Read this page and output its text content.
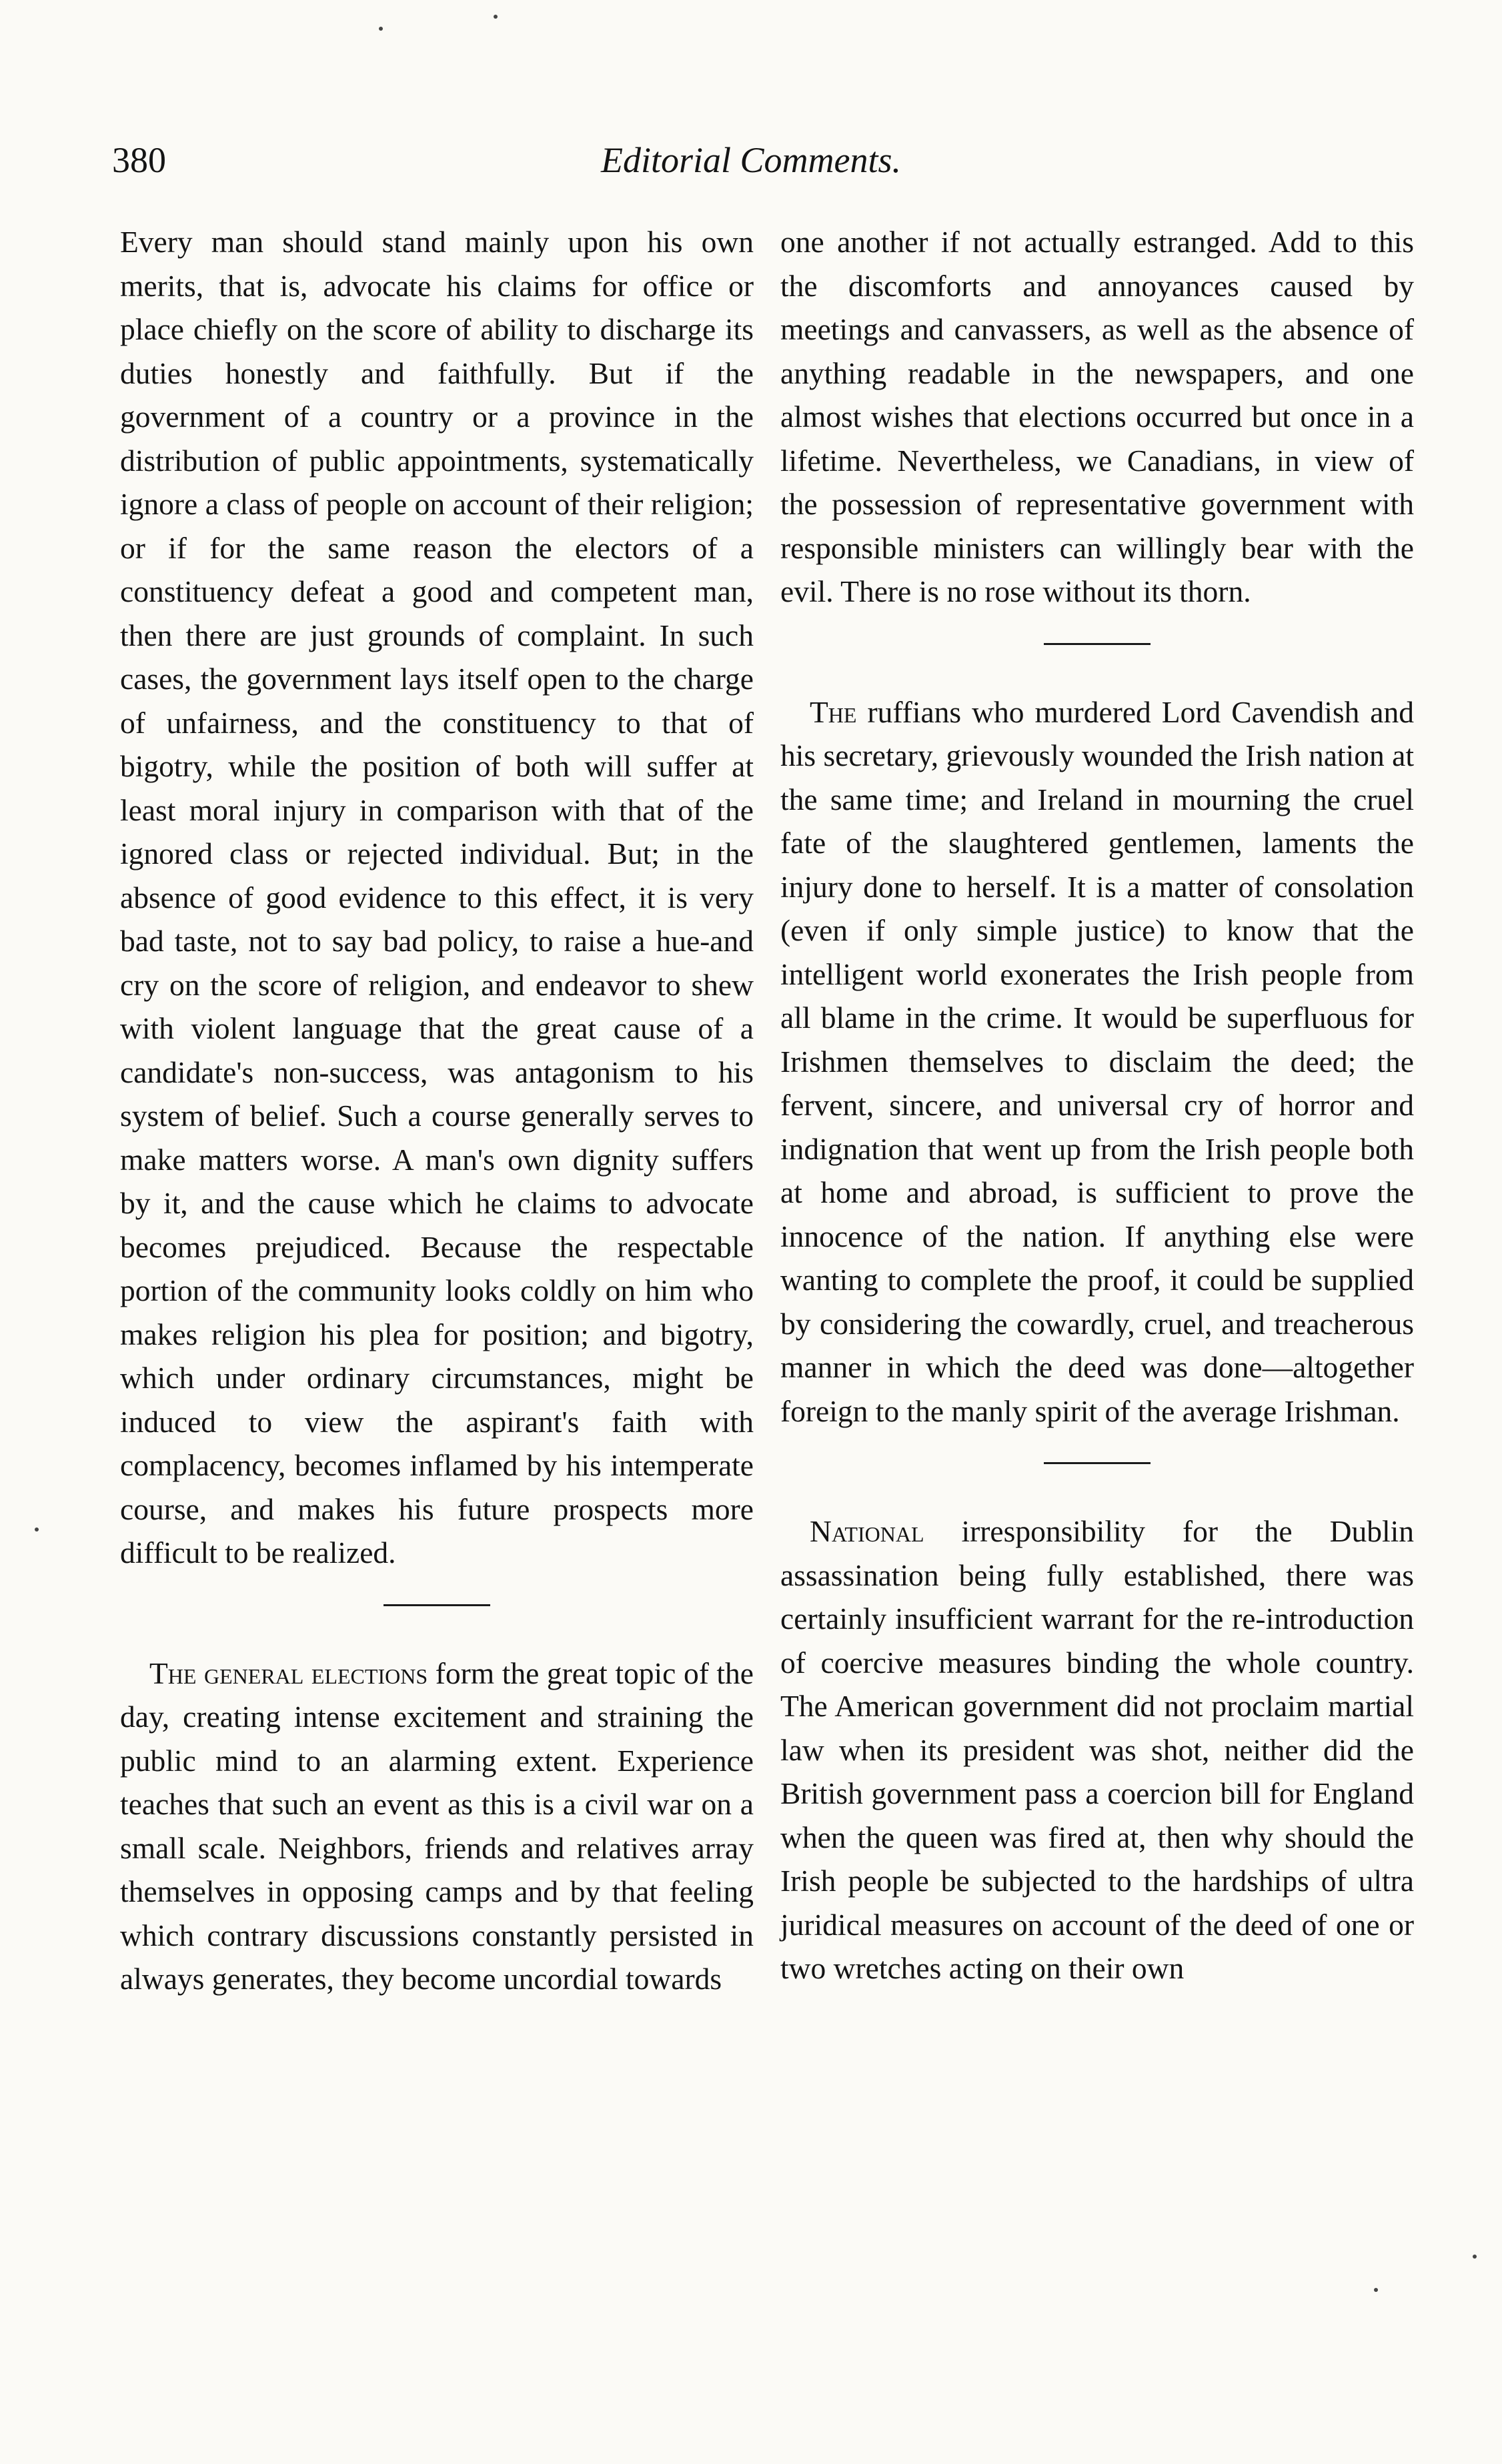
380	Editorial Comments.

Every man should stand mainly upon his own merits, that is, advocate his claims for office or place chiefly on the score of ability to discharge its duties honestly and faithfully. But if the government of a country or a province in the distribution of public appointments, systematically ignore a class of people on account of their religion; or if for the same reason the electors of a constituency defeat a good and competent man, then there are just grounds of complaint. In such cases, the government lays itself open to the charge of unfairness, and the constituency to that of bigotry, while the position of both will suffer at least moral injury in comparison with that of the ignored class or rejected individual. But; in the absence of good evidence to this effect, it is very bad taste, not to say bad policy, to raise a hue-and cry on the score of religion, and endeavor to shew with violent language that the great cause of a candidate's non-success, was antagonism to his system of belief. Such a course generally serves to make matters worse. A man's own dignity suffers by it, and the cause which he claims to advocate becomes prejudiced. Because the respectable portion of the community looks coldly on him who makes religion his plea for position; and bigotry, which under ordinary circumstances, might be induced to view the aspirant's faith with complacency, becomes inflamed by his intemperate course, and makes his future prospects more difficult to be realized.

The general elections form the great topic of the day, creating intense excitement and straining the public mind to an alarming extent. Experience teaches that such an event as this is a civil war on a small scale. Neighbors, friends and relatives array themselves in opposing camps and by that feeling which contrary discussions constantly persisted in always generates, they become uncordial towards

one another if not actually estranged. Add to this the discomforts and annoyances caused by meetings and canvassers, as well as the absence of anything readable in the newspapers, and one almost wishes that elections occurred but once in a lifetime. Nevertheless, we Canadians, in view of the possession of representative government with responsible ministers can willingly bear with the evil. There is no rose without its thorn.

The ruffians who murdered Lord Cavendish and his secretary, grievously wounded the Irish nation at the same time; and Ireland in mourning the cruel fate of the slaughtered gentlemen, laments the injury done to herself. It is a matter of consolation (even if only simple justice) to know that the intelligent world exonerates the Irish people from all blame in the crime. It would be superfluous for Irishmen themselves to disclaim the deed; the fervent, sincere, and universal cry of horror and indignation that went up from the Irish people both at home and abroad, is sufficient to prove the innocence of the nation. If anything else were wanting to complete the proof, it could be supplied by considering the cowardly, cruel, and treacherous manner in which the deed was done—altogether foreign to the manly spirit of the average Irishman.

National irresponsibility for the Dublin assassination being fully established, there was certainly insufficient warrant for the re-introduction of coercive measures binding the whole country. The American government did not proclaim martial law when its president was shot, neither did the British government pass a coercion bill for England when the queen was fired at, then why should the Irish people be subjected to the hardships of ultra juridical measures on account of the deed of one or two wretches acting on their own
